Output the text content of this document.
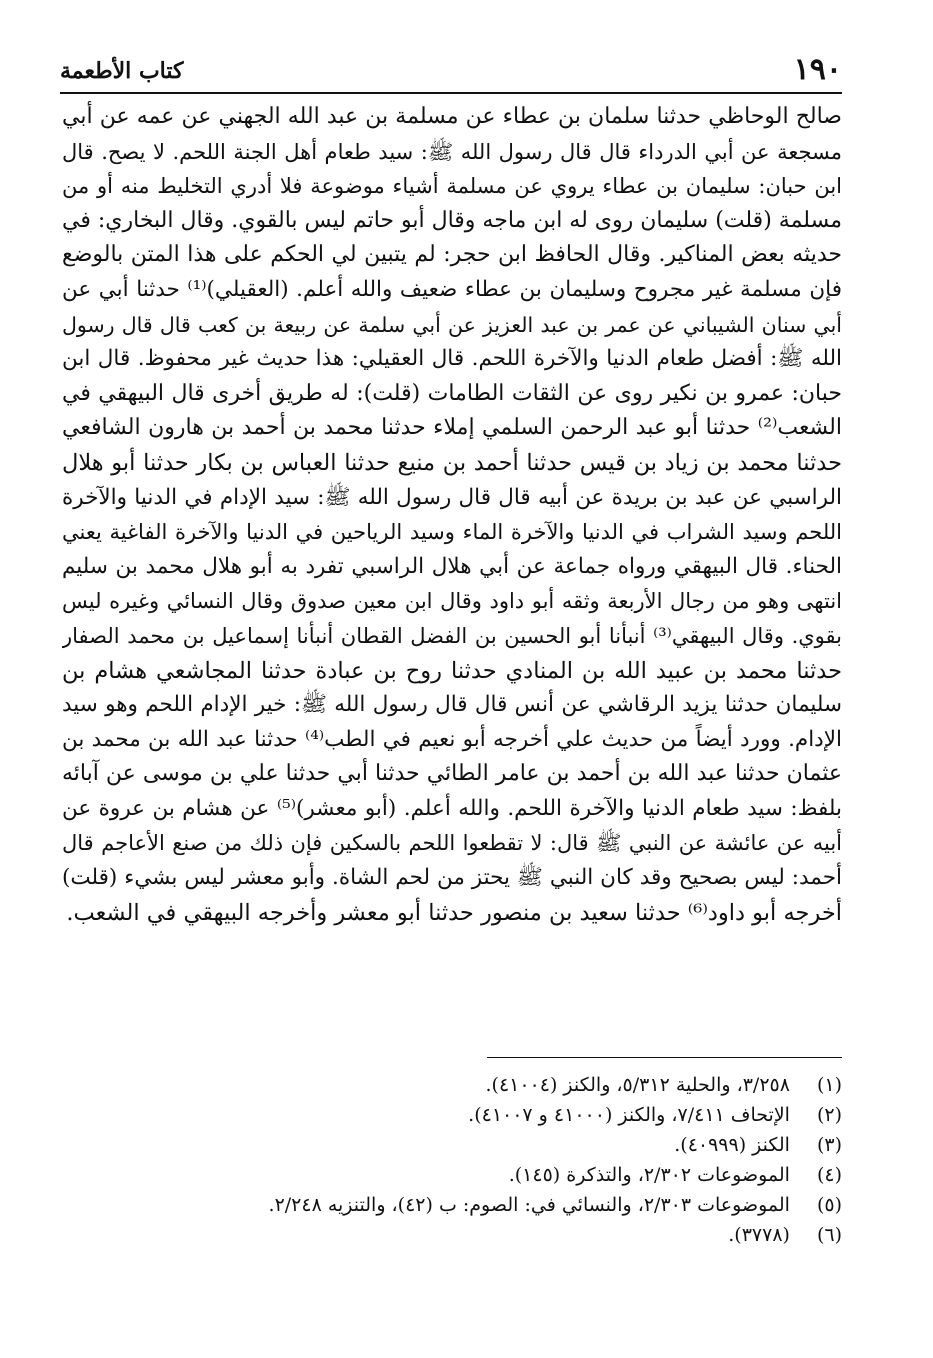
١٩٠
كتاب الأطعمة
صالح الوحاظي حدثنا سلمان بن عطاء عن مسلمة بن عبد الله الجهني عن عمه عن أبي
مسجعة عن أبي الدرداء قال قال رسول الله ﷺ: سيد طعام أهل الجنة اللحم. لا يصح. قال
ابن حبان: سليمان بن عطاء يروي عن مسلمة أشياء موضوعة فلا أدري التخليط منه أو من
مسلمة (قلت) سليمان روى له ابن ماجه وقال أبو حاتم ليس بالقوي. وقال البخاري: في
حديثه بعض المناكير. وقال الحافظ ابن حجر: لم يتبين لي الحكم على هذا المتن بالوضع
فإن مسلمة غير مجروح وسليمان بن عطاء ضعيف والله أعلم. (العقيلي)⁽¹⁾ حدثنا أبي عن
أبي سنان الشيباني عن عمر بن عبد العزيز عن أبي سلمة عن ربيعة بن كعب قال قال رسول
الله ﷺ: أفضل طعام الدنيا والآخرة اللحم. قال العقيلي: هذا حديث غير محفوظ. قال ابن
حبان: عمرو بن نكير روى عن الثقات الطامات (قلت): له طريق أخرى قال البيهقي في
الشعب⁽²⁾ حدثنا أبو عبد الرحمن السلمي إملاء حدثنا محمد بن أحمد بن هارون الشافعي
حدثنا محمد بن زياد بن قيس حدثنا أحمد بن منيع حدثنا العباس بن بكار حدثنا أبو هلال
الراسبي عن عبد بن بريدة عن أبيه قال قال رسول الله ﷺ: سيد الإدام في الدنيا والآخرة
اللحم وسيد الشراب في الدنيا والآخرة الماء وسيد الرياحين في الدنيا والآخرة الفاغية يعني
الحناء. قال البيهقي ورواه جماعة عن أبي هلال الراسبي تفرد به أبو هلال محمد بن سليم
انتهى وهو من رجال الأربعة وثقه أبو داود وقال ابن معين صدوق وقال النسائي وغيره ليس
بقوي. وقال البيهقي⁽³⁾ أنبأنا أبو الحسين بن الفضل القطان أنبأنا إسماعيل بن محمد الصفار
حدثنا محمد بن عبيد الله بن المنادي حدثنا روح بن عبادة حدثنا المجاشعي هشام بن
سليمان حدثنا يزيد الرقاشي عن أنس قال قال رسول الله ﷺ: خير الإدام اللحم وهو سيد
الإدام. وورد أيضاً من حديث علي أخرجه أبو نعيم في الطب⁽⁴⁾ حدثنا عبد الله بن محمد بن
عثمان حدثنا عبد الله بن أحمد بن عامر الطائي حدثنا أبي حدثنا علي بن موسى عن آبائه
بلفظ: سيد طعام الدنيا والآخرة اللحم. والله أعلم. (أبو معشر)⁽⁵⁾ عن هشام بن عروة عن
أبيه عن عائشة عن النبي ﷺ قال: لا تقطعوا اللحم بالسكين فإن ذلك من صنع الأعاجم قال
أحمد: ليس بصحيح وقد كان النبي ﷺ يحتز من لحم الشاة. وأبو معشر ليس بشيء (قلت)
أخرجه أبو داود⁽⁶⁾ حدثنا سعيد بن منصور حدثنا أبو معشر وأخرجه البيهقي في الشعب.
(١) ٣/٢٥٨، والحلية ٥/٣١٢، والكنز (٤١٠٠٤).
(٢) الإتحاف ٧/٤١١، والكنز (٤١٠٠٠ و ٤١٠٠٧).
(٣) الكنز (٤٠٩٩٩).
(٤) الموضوعات ٢/٣٠٢، والتذكرة (١٤٥).
(٥) الموضوعات ٢/٣٠٣، والنسائي في: الصوم: ب (٤٢)، والتنزيه ٢/٢٤٨.
(٦) (٣٧٧٨).
